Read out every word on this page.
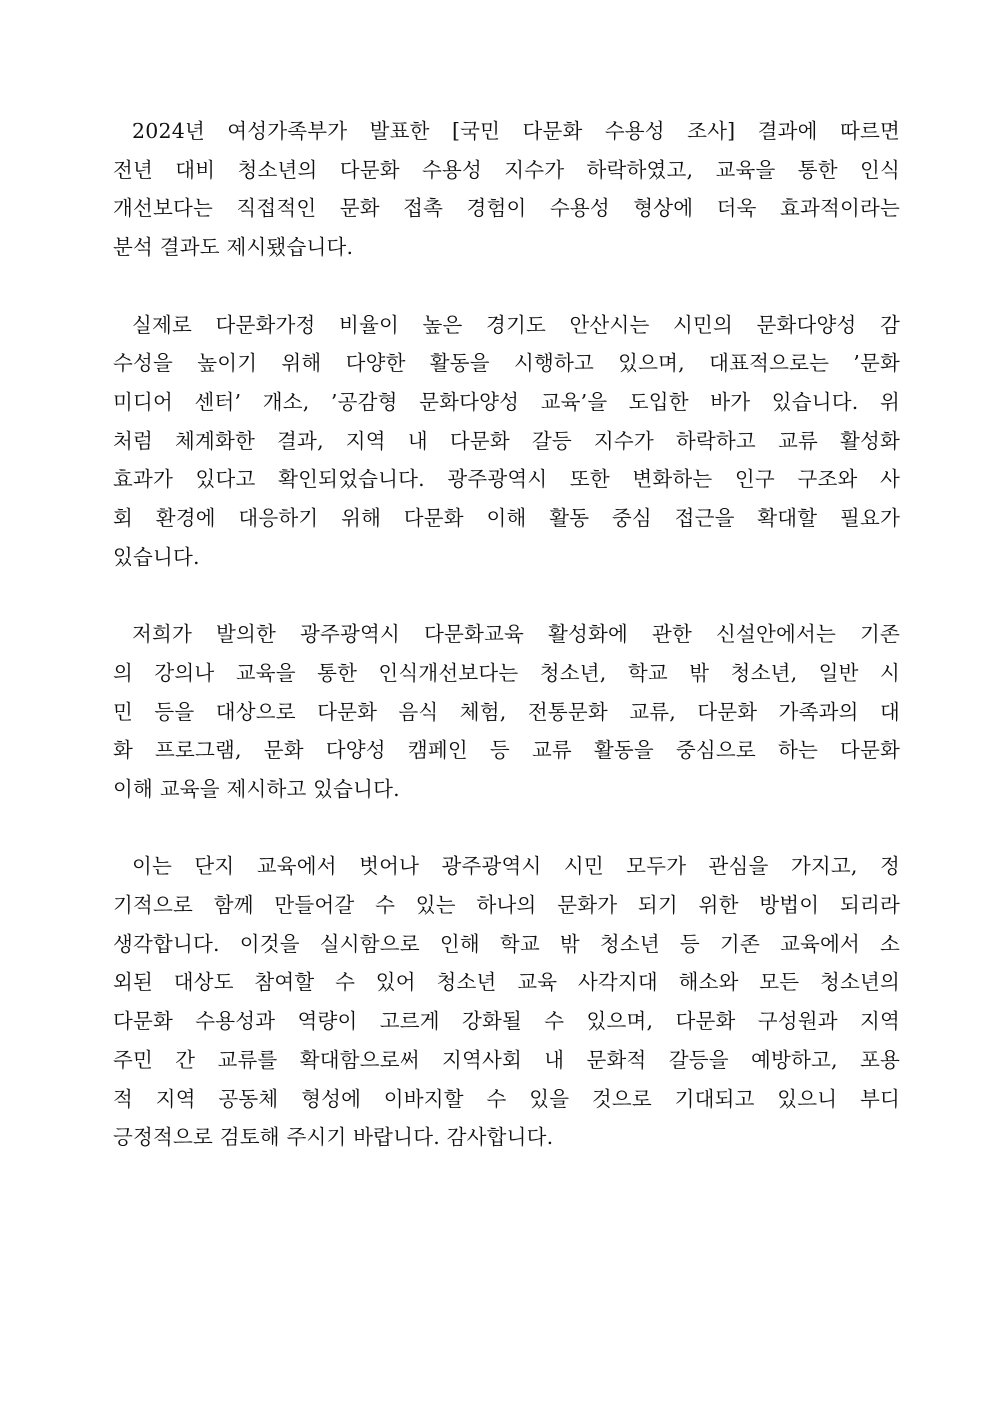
2024년 여성가족부가 발표한 [국민 다문화 수용성 조사] 결과에 따르면
전년 대비 청소년의 다문화 수용성 지수가 하락하였고, 교육을 통한 인식
개선보다는 직접적인 문화 접촉 경험이 수용성 형상에 더욱 효과적이라는
분석 결과도 제시됐습니다.

실제로 다문화가정 비율이 높은 경기도 안산시는 시민의 문화다양성 감
수성을 높이기 위해 다양한 활동을 시행하고 있으며, 대표적으로는 ’문화
미디어 센터’ 개소, ’공감형 문화다양성 교육’을 도입한 바가 있습니다. 위
처럼 체계화한 결과, 지역 내 다문화 갈등 지수가 하락하고 교류 활성화
효과가 있다고 확인되었습니다. 광주광역시 또한 변화하는 인구 구조와 사
회 환경에 대응하기 위해 다문화 이해 활동 중심 접근을 확대할 필요가
있습니다.

저희가 발의한 광주광역시 다문화교육 활성화에 관한 신설안에서는 기존
의 강의나 교육을 통한 인식개선보다는 청소년, 학교 밖 청소년, 일반 시
민 등을 대상으로 다문화 음식 체험, 전통문화 교류, 다문화 가족과의 대
화 프로그램, 문화 다양성 캠페인 등 교류 활동을 중심으로 하는 다문화
이해 교육을 제시하고 있습니다.

이는 단지 교육에서 벗어나 광주광역시 시민 모두가 관심을 가지고, 정
기적으로 함께 만들어갈 수 있는 하나의 문화가 되기 위한 방법이 되리라
생각합니다. 이것을 실시함으로 인해 학교 밖 청소년 등 기존 교육에서 소
외된 대상도 참여할 수 있어 청소년 교육 사각지대 해소와 모든 청소년의
다문화 수용성과 역량이 고르게 강화될 수 있으며, 다문화 구성원과 지역
주민 간 교류를 확대함으로써 지역사회 내 문화적 갈등을 예방하고, 포용
적 지역 공동체 형성에 이바지할 수 있을 것으로 기대되고 있으니 부디
긍정적으로 검토해 주시기 바랍니다. 감사합니다.
